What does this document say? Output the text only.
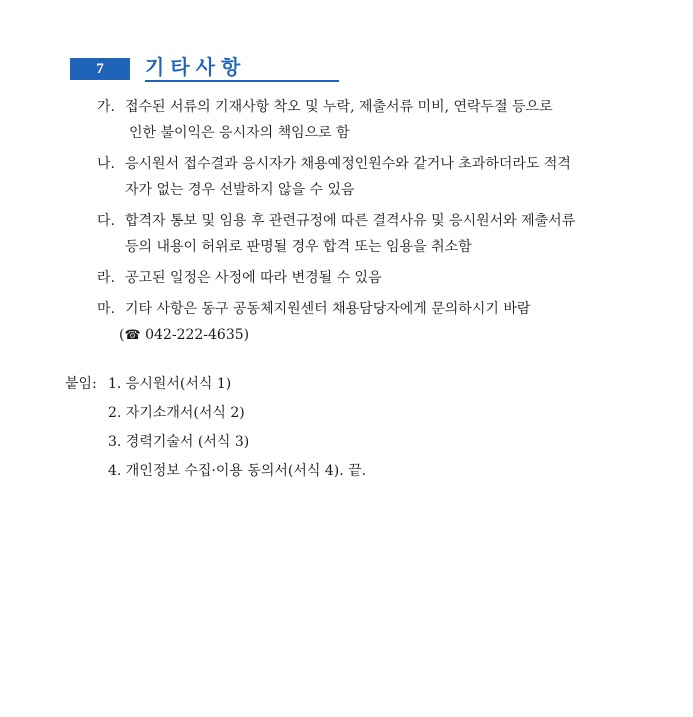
7	기타사항
가. 접수된 서류의 기재사항 착오 및 누락, 제출서류 미비, 연락두절 등으로
인한 불이익은 응시자의 책임으로 함
나. 응시원서 접수결과 응시자가 채용예정인원수와 같거나 초과하더라도 적격
자가 없는 경우 선발하지 않을 수 있음
다. 합격자 통보 및 임용 후 관련규정에 따른 결격사유 및 응시원서와 제출서류
등의 내용이 허위로 판명될 경우 합격 또는 임용을 취소함
라. 공고된 일정은 사정에 따라 변경될 수 있음
마. 기타 사항은 동구 공동체지원센터 채용담당자에게 문의하시기 바람
(☎ 042-222-4635)
붙임: 1. 응시원서(서식 1)
2. 자기소개서(서식 2)
3. 경력기술서 (서식 3)
4. 개인정보 수집·이용 동의서(서식 4). 끝.
